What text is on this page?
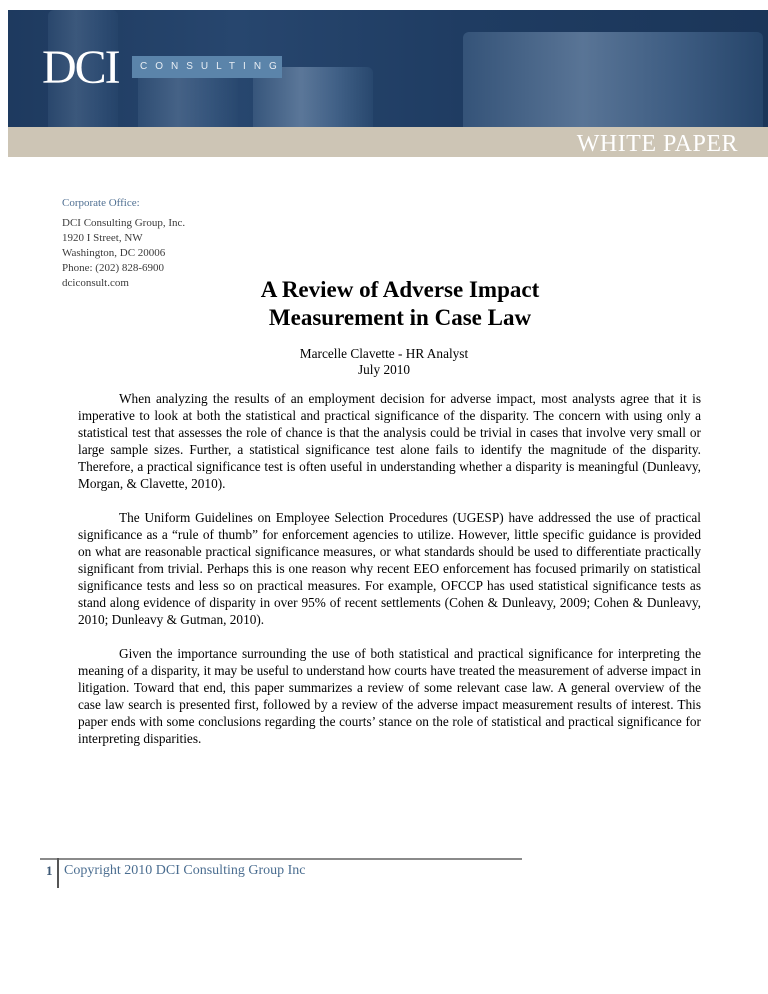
DCI	CONSULTING
WHITE PAPER
Corporate Office:
DCI Consulting Group, Inc.
1920 I Street, NW
Washington, DC 20006
Phone: (202) 828-6900
dciconsult.com	A Review of Adverse Impact
Measurement in Case Law
Marcelle Clavette - HR Analyst
July 2010

When analyzing the results of an employment decision for adverse impact, most analysts agree that it is imperative to look at both the statistical and practical significance of the disparity. The concern with using only a statistical test that assesses the role of chance is that the analysis could be trivial in cases that involve very small or large sample sizes. Further, a statistical significance test alone fails to identify the magnitude of the disparity. Therefore, a practical significance test is often useful in understanding whether a disparity is meaningful (Dunleavy, Morgan, & Clavette, 2010).

The Uniform Guidelines on Employee Selection Procedures (UGESP) have addressed the use of practical significance as a “rule of thumb” for enforcement agencies to utilize. However, little specific guidance is provided on what are reasonable practical significance measures, or what standards should be used to differentiate practically significant from trivial. Perhaps this is one reason why recent EEO enforcement has focused primarily on statistical significance tests and less so on practical measures. For example, OFCCP has used statistical significance tests as stand along evidence of disparity in over 95% of recent settlements (Cohen & Dunleavy, 2009; Cohen & Dunleavy, 2010; Dunleavy & Gutman, 2010).

Given the importance surrounding the use of both statistical and practical significance for interpreting the meaning of a disparity, it may be useful to understand how courts have treated the measurement of adverse impact in litigation. Toward that end, this paper summarizes a review of some relevant case law. A general overview of the case law search is presented first, followed by a review of the adverse impact measurement results of interest. This paper ends with some conclusions regarding the courts’ stance on the role of statistical and practical significance for interpreting disparities.

1 Copyright 2010 DCI Consulting Group Inc
